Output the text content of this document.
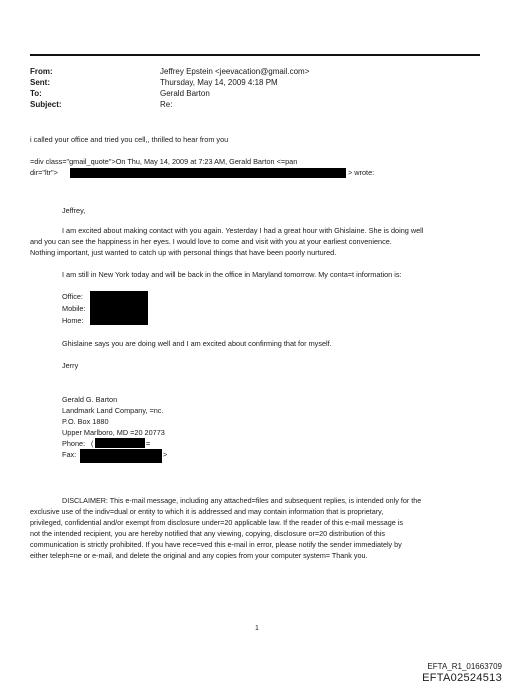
From:	Jeffrey Epstein <jeevacation@gmail.com>
Sent:	Thursday, May 14, 2009 4:18 PM
To:	Gerald Barton
Subject:	Re:
i called your office and tried you cell,, thrilled to hear from you
=div class="gmail_quote">On Thu, May 14, 2009 at 7:23 AM, Gerald Barton <=pan
dir="ltr">	> wrote:
Jeffrey,
I am excited about making contact with you again. Yesterday I had a great hour with Ghislaine. She is doing well
and you can see the happiness in her eyes. I would love to come and visit with you at your earliest convenience.
Nothing important, just wanted to catch up with personal things that have been poorly nurtured.
I am still in New York today and will be back in the office in Maryland tomorrow. My conta=t information is:
Office:
Mobile:
Home:
Ghislaine says you are doing well and I am excited about confirming that for myself.
Jerry
Gerald G. Barton
Landmark Land Company, =nc.
P.O. Box 1880
Upper Marlboro, MD =20 20773
Phone: (	=
Fax:	>

DISCLAIMER: This e-mail message, including any attached=files and subsequent replies, is intended only for the

exclusive use of the indiv=dual or entity to which it is addressed and may contain information that is proprietary,

privileged, confidential and/or exempt from disclosure under=20 applicable law. If the reader of this e-mail message is

not the intended recipient, you are hereby notified that any viewing, copying, disclosure or=20 distribution of this

communication is strictly prohibited. If you have rece=ved this e-mail in error, please notify the sender immediately by

either teleph=ne or e-mail, and delete the original and any copies from your computer system= Thank you.

1
EFTA_R1_01663709
EFTA02524513
